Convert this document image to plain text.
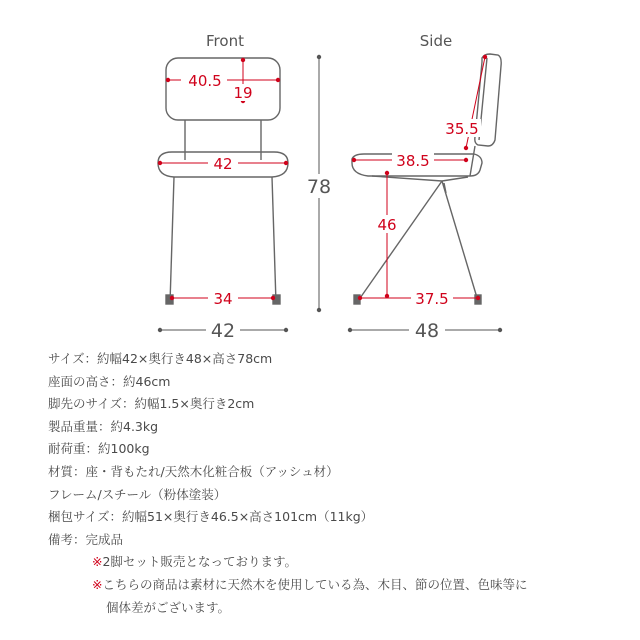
Front	Side
40.5
19
42
34
42
78
35.5
38.5
46
37.5
48
サイズ：約幅42×奥行き48×高さ78cm
座面の高さ：約46cm
脚先のサイズ：約幅1.5×奥行き2cm
製品重量：約4.3kg
耐荷重：約100kg
材質：座・背もたれ/天然木化粧合板（アッシュ材）
フレーム/スチール（粉体塗装）
梱包サイズ：約幅51×奥行き46.5×高さ101cm（11kg）
備考：完成品
※2脚セット販売となっております。
※こちらの商品は素材に天然木を使用している為、木目、節の位置、色味等に
個体差がございます。
